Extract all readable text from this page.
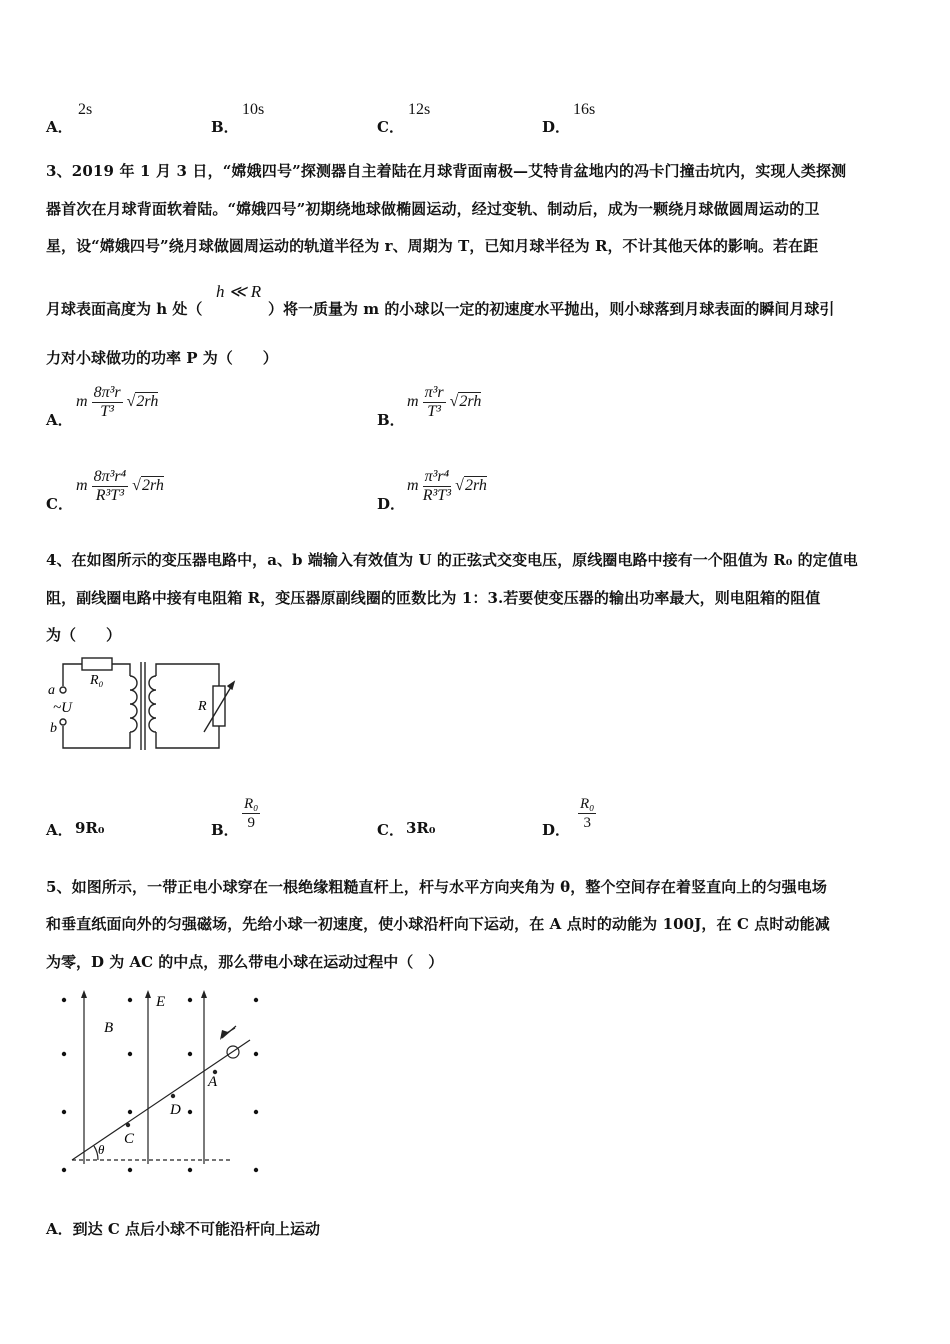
A．
2s
B．
10s
C．
12s
D．
16s
3、2019 年 1 月 3 日，“嫦娥四号”探测器自主着陆在月球背面南极—艾特肯盆地内的冯卡门撞击坑内，实现人类探测
器首次在月球背面软着陆。“嫦娥四号”初期绕地球做椭圆运动，经过变轨、制动后，成为一颗绕月球做圆周运动的卫
星，设“嫦娥四号”绕月球做圆周运动的轨道半径为 r、周期为 T，已知月球半径为 R，不计其他天体的影响。若在距
月球表面高度为 h 处（
h ≪ R
）将一质量为 m 的小球以一定的初速度水平抛出，则小球落到月球表面的瞬间月球引
力对小球做功的功率 P 为（　　）
A．
m $\frac{\text{8π³r}}{\text{T³}} √2rh$
B．
m $\frac{\text{π³r}}{\text{T³}} √2rh$
C．
m $\frac{\text{8π³r⁴}}{\text{R³T³}} √2rh$
D．
m $\frac{\text{π³r⁴}}{\text{R³T³}} √2rh$
4、在如图所示的变压器电路中，a、b 端输入有效值为 U 的正弦式交变电压，原线圈电路中接有一个阻值为 R₀ 的定值电
阻，副线圈电路中接有电阻箱 R，变压器原副线圈的匝数比为 1：3.若要使变压器的输出功率最大，则电阻箱的阻值
为（　　）
R₀
a
~U
b
R
A． 9R₀	B． $\frac{\text{R₀}}{9}$	C． 3R₀	D． $\frac{\text{R₀}}{3}$
5、如图所示，一带正电小球穿在一根绝缘粗糙直杆上，杆与水平方向夹角为 θ，整个空间存在着竖直向上的匀强电场
和垂直纸面向外的匀强磁场，先给小球一初速度，使小球沿杆向下运动，在 A 点时的动能为 100J，在 C 点时动能减
为零，D 为 AC 的中点，那么带电小球在运动过程中（　）
E
B
A
D
C
θ
A．到达 C 点后小球不可能沿杆向上运动
